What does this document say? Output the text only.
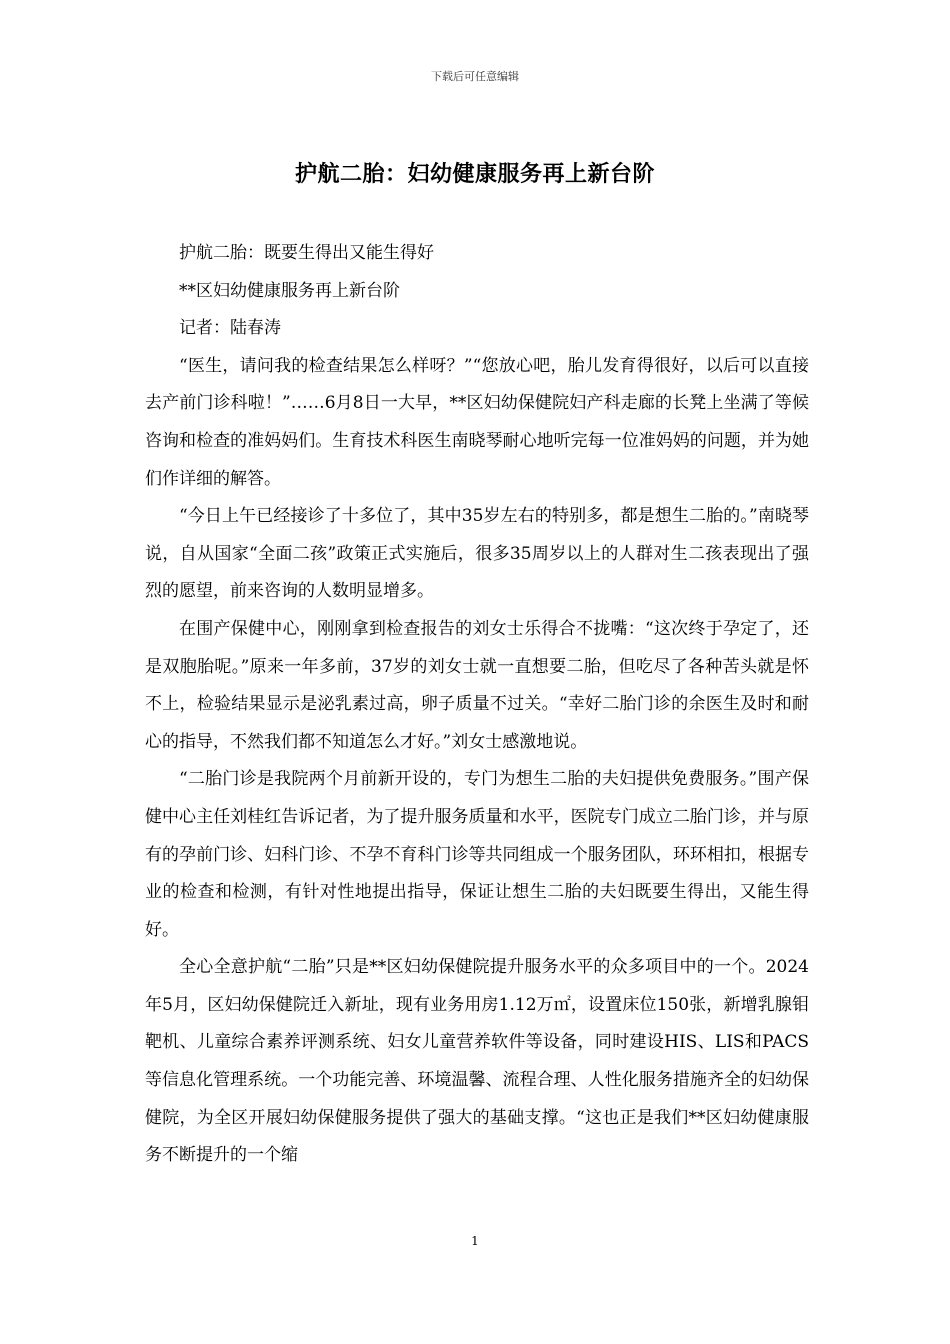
下载后可任意编辑
护航二胎：妇幼健康服务再上新台阶

护航二胎：既要生得出又能生得好

**区妇幼健康服务再上新台阶

记者：陆春涛

“医生，请问我的检查结果怎么样呀？”“您放心吧，胎儿发育得很好，以后可以直接去产前门诊科啦！”……6月8日一大早，**区妇幼保健院妇产科走廊的长凳上坐满了等候咨询和检查的准妈妈们。生育技术科医生南晓琴耐心地听完每一位准妈妈的问题，并为她们作详细的解答。

“今日上午已经接诊了十多位了，其中35岁左右的特别多，都是想生二胎的。”南晓琴说，自从国家“全面二孩”政策正式实施后，很多35周岁以上的人群对生二孩表现出了强烈的愿望，前来咨询的人数明显增多。

在围产保健中心，刚刚拿到检查报告的刘女士乐得合不拢嘴：“这次终于孕定了，还是双胞胎呢。”原来一年多前，37岁的刘女士就一直想要二胎，但吃尽了各种苦头就是怀不上，检验结果显示是泌乳素过高，卵子质量不过关。“幸好二胎门诊的余医生及时和耐心的指导，不然我们都不知道怎么才好。”刘女士感激地说。

“二胎门诊是我院两个月前新开设的，专门为想生二胎的夫妇提供免费服务。”围产保健中心主任刘桂红告诉记者，为了提升服务质量和水平，医院专门成立二胎门诊，并与原有的孕前门诊、妇科门诊、不孕不育科门诊等共同组成一个服务团队，环环相扣，根据专业的检查和检测，有针对性地提出指导，保证让想生二胎的夫妇既要生得出，又能生得好。

全心全意护航“二胎”只是**区妇幼保健院提升服务水平的众多项目中的一个。2024年5月，区妇幼保健院迁入新址，现有业务用房1.12万㎡，设置床位150张，新增乳腺钼靶机、儿童综合素养评测系统、妇女儿童营养软件等设备，同时建设HIS、LIS和PACS等信息化管理系统。一个功能完善、环境温馨、流程合理、人性化服务措施齐全的妇幼保健院，为全区开展妇幼保健服务提供了强大的基础支撑。“这也正是我们**区妇幼健康服务不断提升的一个缩

1
